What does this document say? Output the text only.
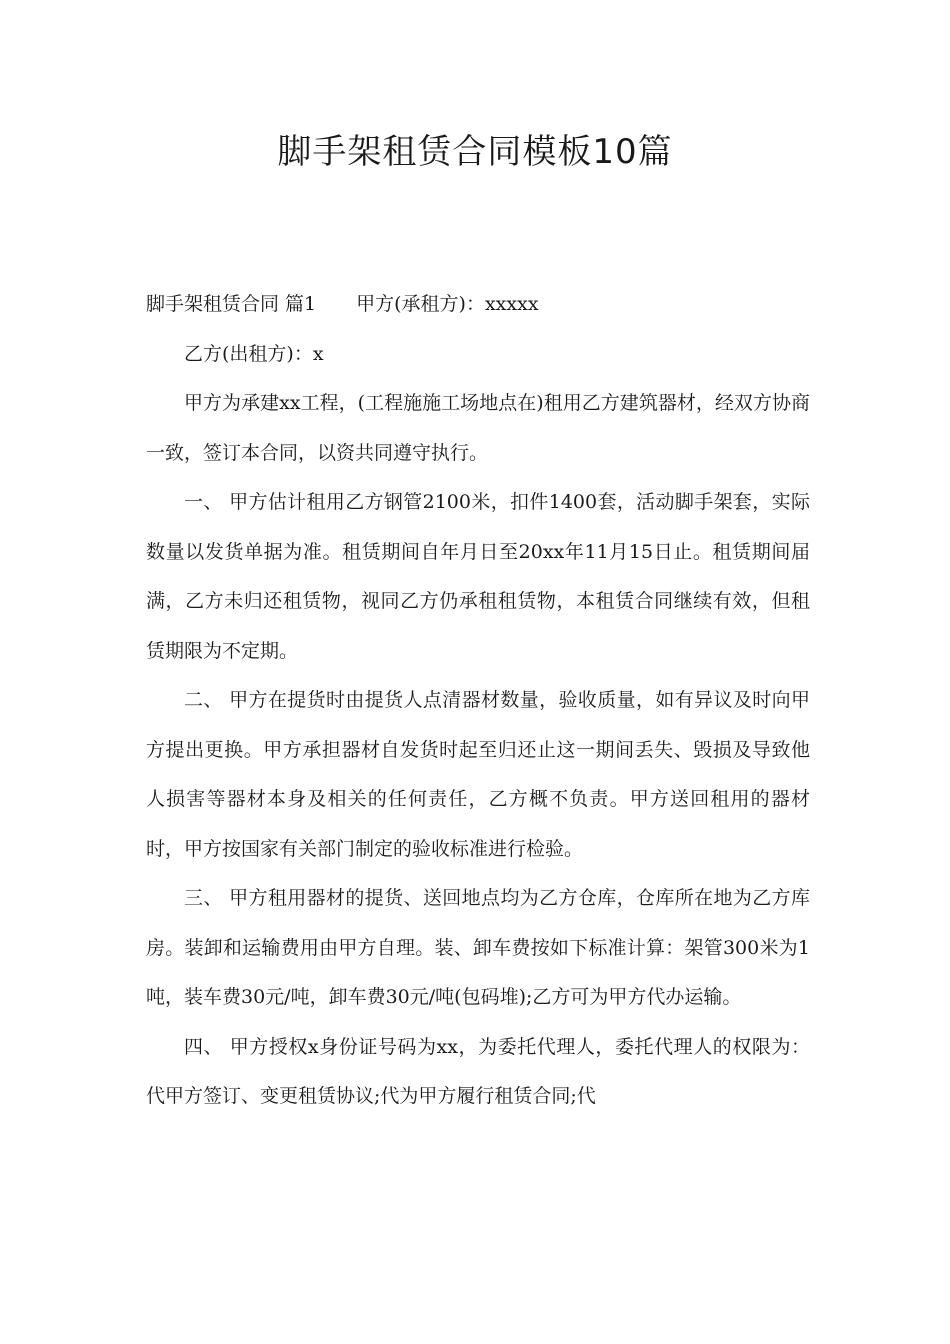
脚手架租赁合同模板10篇

脚手架租赁合同 篇1 甲方(承租方)：xxxxx

乙方(出租方)：x

甲方为承建xx工程，(工程施施工场地点在)租用乙方建筑器材，经双方协商一致，签订本合同，以资共同遵守执行。

一、 甲方估计租用乙方钢管2100米，扣件1400套，活动脚手架套，实际数量以发货单据为准。租赁期间自年月日至20xx年11月15日止。租赁期间届满，乙方未归还租赁物，视同乙方仍承租租赁物，本租赁合同继续有效，但租赁期限为不定期。

二、 甲方在提货时由提货人点清器材数量，验收质量，如有异议及时向甲方提出更换。甲方承担器材自发货时起至归还止这一期间丢失、毁损及导致他人损害等器材本身及相关的任何责任，乙方概不负责。甲方送回租用的器材时，甲方按国家有关部门制定的验收标准进行检验。

三、 甲方租用器材的提货、送回地点均为乙方仓库，仓库所在地为乙方库房。装卸和运输费用由甲方自理。装、卸车费按如下标准计算：架管300米为1吨，装车费30元/吨，卸车费30元/吨(包码堆);乙方可为甲方代办运输。

四、 甲方授权x身份证号码为xx，为委托代理人，委托代理人的权限为：代甲方签订、变更租赁协议;代为甲方履行租赁合同;代
